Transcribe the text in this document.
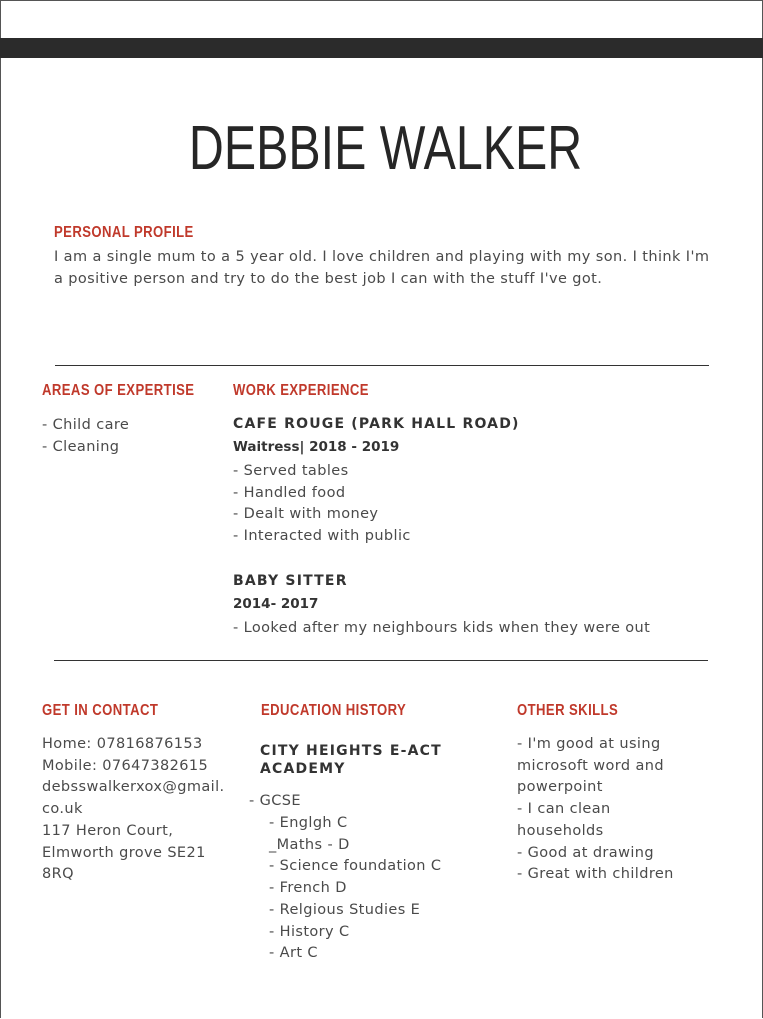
DEBBIE WALKER
PERSONAL PROFILE
I am a single mum to a 5 year old. I love children and playing with my son. I think I'm a positive person and try to do the best job I can with the stuff I've got.
AREAS OF EXPERTISE
- Child care
- Cleaning
WORK EXPERIENCE
CAFE ROUGE (PARK HALL ROAD)
Waitress| 2018 - 2019
- Served tables
- Handled food
- Dealt with money
- Interacted with public
BABY SITTER
2014- 2017
- Looked after my neighbours kids when they were out
GET IN CONTACT
Home: 07816876153
Mobile: 07647382615
debsswalkerxox@gmail.
co.uk
117 Heron Court,
Elmworth grove SE21
8RQ
EDUCATION HISTORY
CITY HEIGHTS E-ACT ACADEMY
- GCSE
- Englgh C
_Maths - D
- Science foundation C
- French D
- Relgious Studies E
- History C
- Art C
OTHER SKILLS
- I'm good at using
microsoft word and
powerpoint
- I can clean
households
- Good at drawing
- Great with children
